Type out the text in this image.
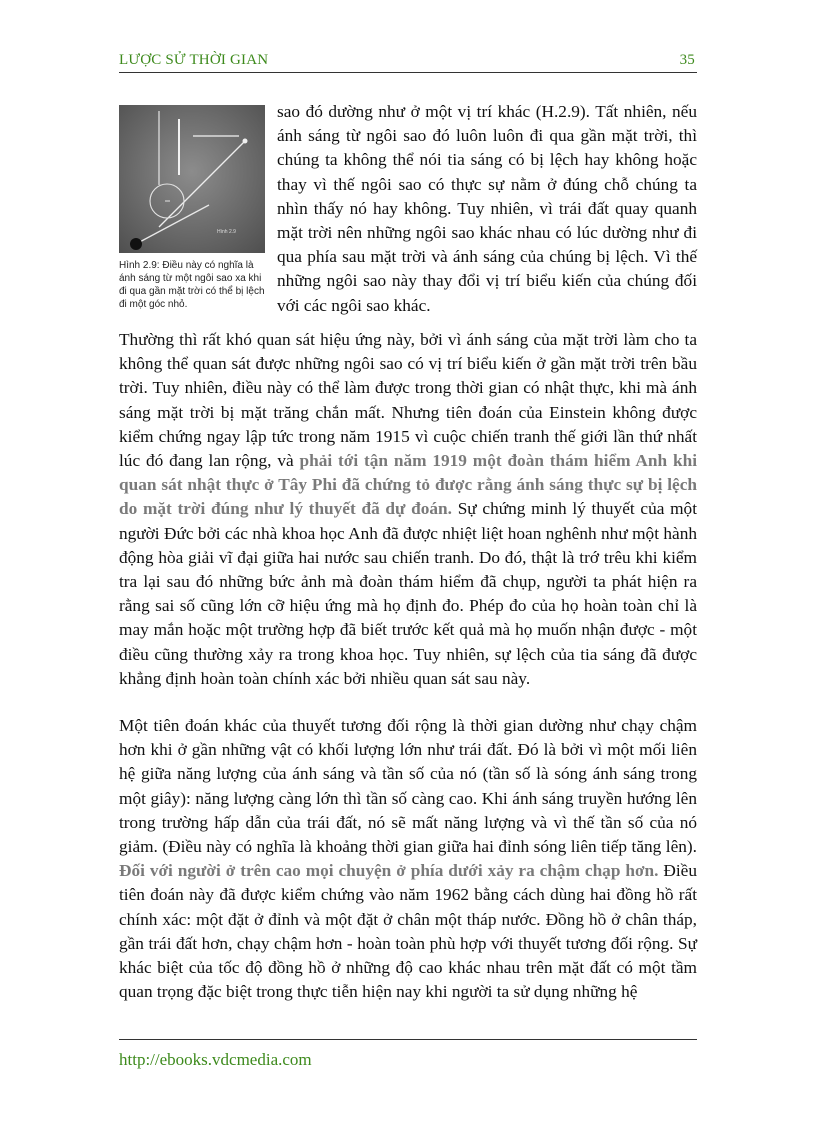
LƯỢC SỬ THỜI GIAN	35
Hình 2.9
Hình 2.9: Điều này có nghĩa là ánh sáng từ một ngôi sao xa khi đi qua gần mặt trời có thể bị lệch đi một góc nhỏ.

sao đó dường như ở một vị trí khác (H.2.9). Tất nhiên, nếu ánh sáng từ ngôi sao đó luôn luôn đi qua gần mặt trời, thì chúng ta không thể nói tia sáng có bị lệch hay không hoặc thay vì thế ngôi sao có thực sự nằm ở đúng chỗ chúng ta nhìn thấy nó hay không. Tuy nhiên, vì trái đất quay quanh mặt trời nên những ngôi sao khác nhau có lúc dường như đi qua phía sau mặt trời và ánh sáng của chúng bị lệch. Vì thế những ngôi sao này thay đổi vị trí biểu kiến của chúng đối với các ngôi sao khác.

Thường thì rất khó quan sát hiệu ứng này, bởi vì ánh sáng của mặt trời làm cho ta không thể quan sát được những ngôi sao có vị trí biểu kiến ở gần mặt trời trên bầu trời. Tuy nhiên, điều này có thể làm được trong thời gian có nhật thực, khi mà ánh sáng mặt trời bị mặt trăng chắn mất. Nhưng tiên đoán của Einstein không được kiểm chứng ngay lập tức trong năm 1915 vì cuộc chiến tranh thế giới lần thứ nhất lúc đó đang lan rộng, và phải tới tận năm 1919 một đoàn thám hiểm Anh khi quan sát nhật thực ở Tây Phi đã chứng tỏ được rằng ánh sáng thực sự bị lệch do mặt trời đúng như lý thuyết đã dự đoán. Sự chứng minh lý thuyết của một người Đức bởi các nhà khoa học Anh đã được nhiệt liệt hoan nghênh như một hành động hòa giải vĩ đại giữa hai nước sau chiến tranh. Do đó, thật là trớ trêu khi kiểm tra lại sau đó những bức ảnh mà đoàn thám hiểm đã chụp, người ta phát hiện ra rằng sai số cũng lớn cỡ hiệu ứng mà họ định đo. Phép đo của họ hoàn toàn chỉ là may mắn hoặc một trường hợp đã biết trước kết quả mà họ muốn nhận được - một điều cũng thường xảy ra trong khoa học. Tuy nhiên, sự lệch của tia sáng đã được khẳng định hoàn toàn chính xác bởi nhiều quan sát sau này.

Một tiên đoán khác của thuyết tương đối rộng là thời gian dường như chạy chậm hơn khi ở gần những vật có khối lượng lớn như trái đất. Đó là bởi vì một mối liên hệ giữa năng lượng của ánh sáng và tần số của nó (tần số là sóng ánh sáng trong một giây): năng lượng càng lớn thì tần số càng cao. Khi ánh sáng truyền hướng lên trong trường hấp dẫn của trái đất, nó sẽ mất năng lượng và vì thế tần số của nó giảm. (Điều này có nghĩa là khoảng thời gian giữa hai đỉnh sóng liên tiếp tăng lên). Đối với người ở trên cao mọi chuyện ở phía dưới xảy ra chậm chạp hơn. Điều tiên đoán này đã được kiểm chứng vào năm 1962 bằng cách dùng hai đồng hồ rất chính xác: một đặt ở đỉnh và một đặt ở chân một tháp nước. Đồng hồ ở chân tháp, gần trái đất hơn, chạy chậm hơn - hoàn toàn phù hợp với thuyết tương đối rộng. Sự khác biệt của tốc độ đồng hồ ở những độ cao khác nhau trên mặt đất có một tầm quan trọng đặc biệt trong thực tiễn hiện nay khi người ta sử dụng những hệ

http://ebooks.vdcmedia.com
